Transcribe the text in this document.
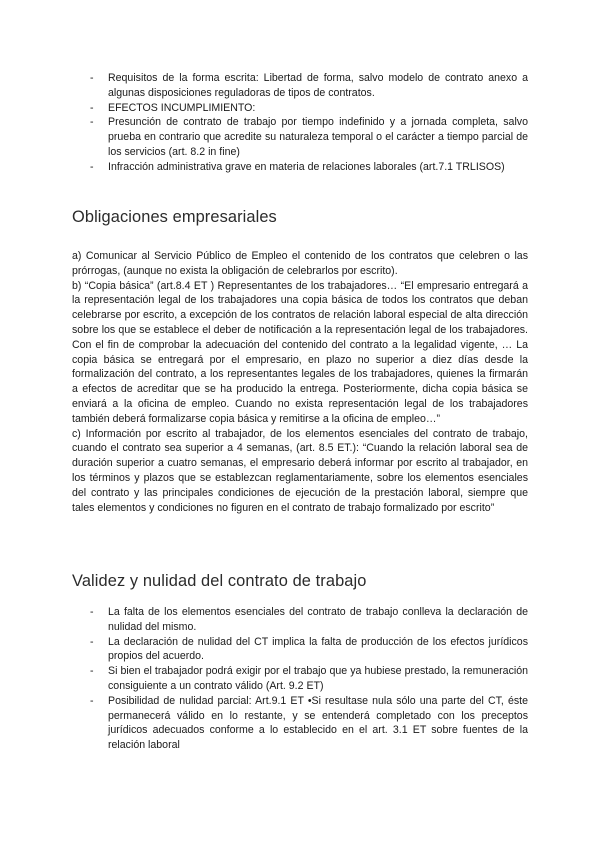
- Requisitos de la forma escrita: Libertad de forma, salvo modelo de contrato anexo a algunas disposiciones reguladoras de tipos de contratos.
- EFECTOS INCUMPLIMIENTO:
- Presunción de contrato de trabajo por tiempo indefinido y a jornada completa, salvo prueba en contrario que acredite su naturaleza temporal o el carácter a tiempo parcial de los servicios (art. 8.2 in fine)
- Infracción administrativa grave en materia de relaciones laborales (art.7.1 TRLISOS)
Obligaciones empresariales

a) Comunicar al Servicio Público de Empleo el contenido de los contratos que celebren o las prórrogas, (aunque no exista la obligación de celebrarlos por escrito).

b) “Copia básica” (art.8.4 ET ) Representantes de los trabajadores… “El empresario entregará a la representación legal de los trabajadores una copia básica de todos los contratos que deban celebrarse por escrito, a excepción de los contratos de relación laboral especial de alta dirección sobre los que se establece el deber de notificación a la representación legal de los trabajadores. Con el fin de comprobar la adecuación del contenido del contrato a la legalidad vigente, … La copia básica se entregará por el empresario, en plazo no superior a diez días desde la formalización del contrato, a los representantes legales de los trabajadores, quienes la firmarán a efectos de acreditar que se ha producido la entrega. Posteriormente, dicha copia básica se enviará a la oficina de empleo. Cuando no exista representación legal de los trabajadores también deberá formalizarse copia básica y remitirse a la oficina de empleo…”

c) Información por escrito al trabajador, de los elementos esenciales del contrato de trabajo, cuando el contrato sea superior a 4 semanas, (art. 8.5 ET.): “Cuando la relación laboral sea de duración superior a cuatro semanas, el empresario deberá informar por escrito al trabajador, en los términos y plazos que se establezcan reglamentariamente, sobre los elementos esenciales del contrato y las principales condiciones de ejecución de la prestación laboral, siempre que tales elementos y condiciones no figuren en el contrato de trabajo formalizado por escrito”

Validez y nulidad del contrato de trabajo
- La falta de los elementos esenciales del contrato de trabajo conlleva la declaración de nulidad del mismo.
- La declaración de nulidad del CT implica la falta de producción de los efectos jurídicos propios del acuerdo.
- Si bien el trabajador podrá exigir por el trabajo que ya hubiese prestado, la remuneración consiguiente a un contrato válido (Art. 9.2 ET)
- Posibilidad de nulidad parcial: Art.9.1 ET •Si resultase nula sólo una parte del CT, éste permanecerá válido en lo restante, y se entenderá completado con los preceptos jurídicos adecuados conforme a lo establecido en el art. 3.1 ET sobre fuentes de la relación laboral
